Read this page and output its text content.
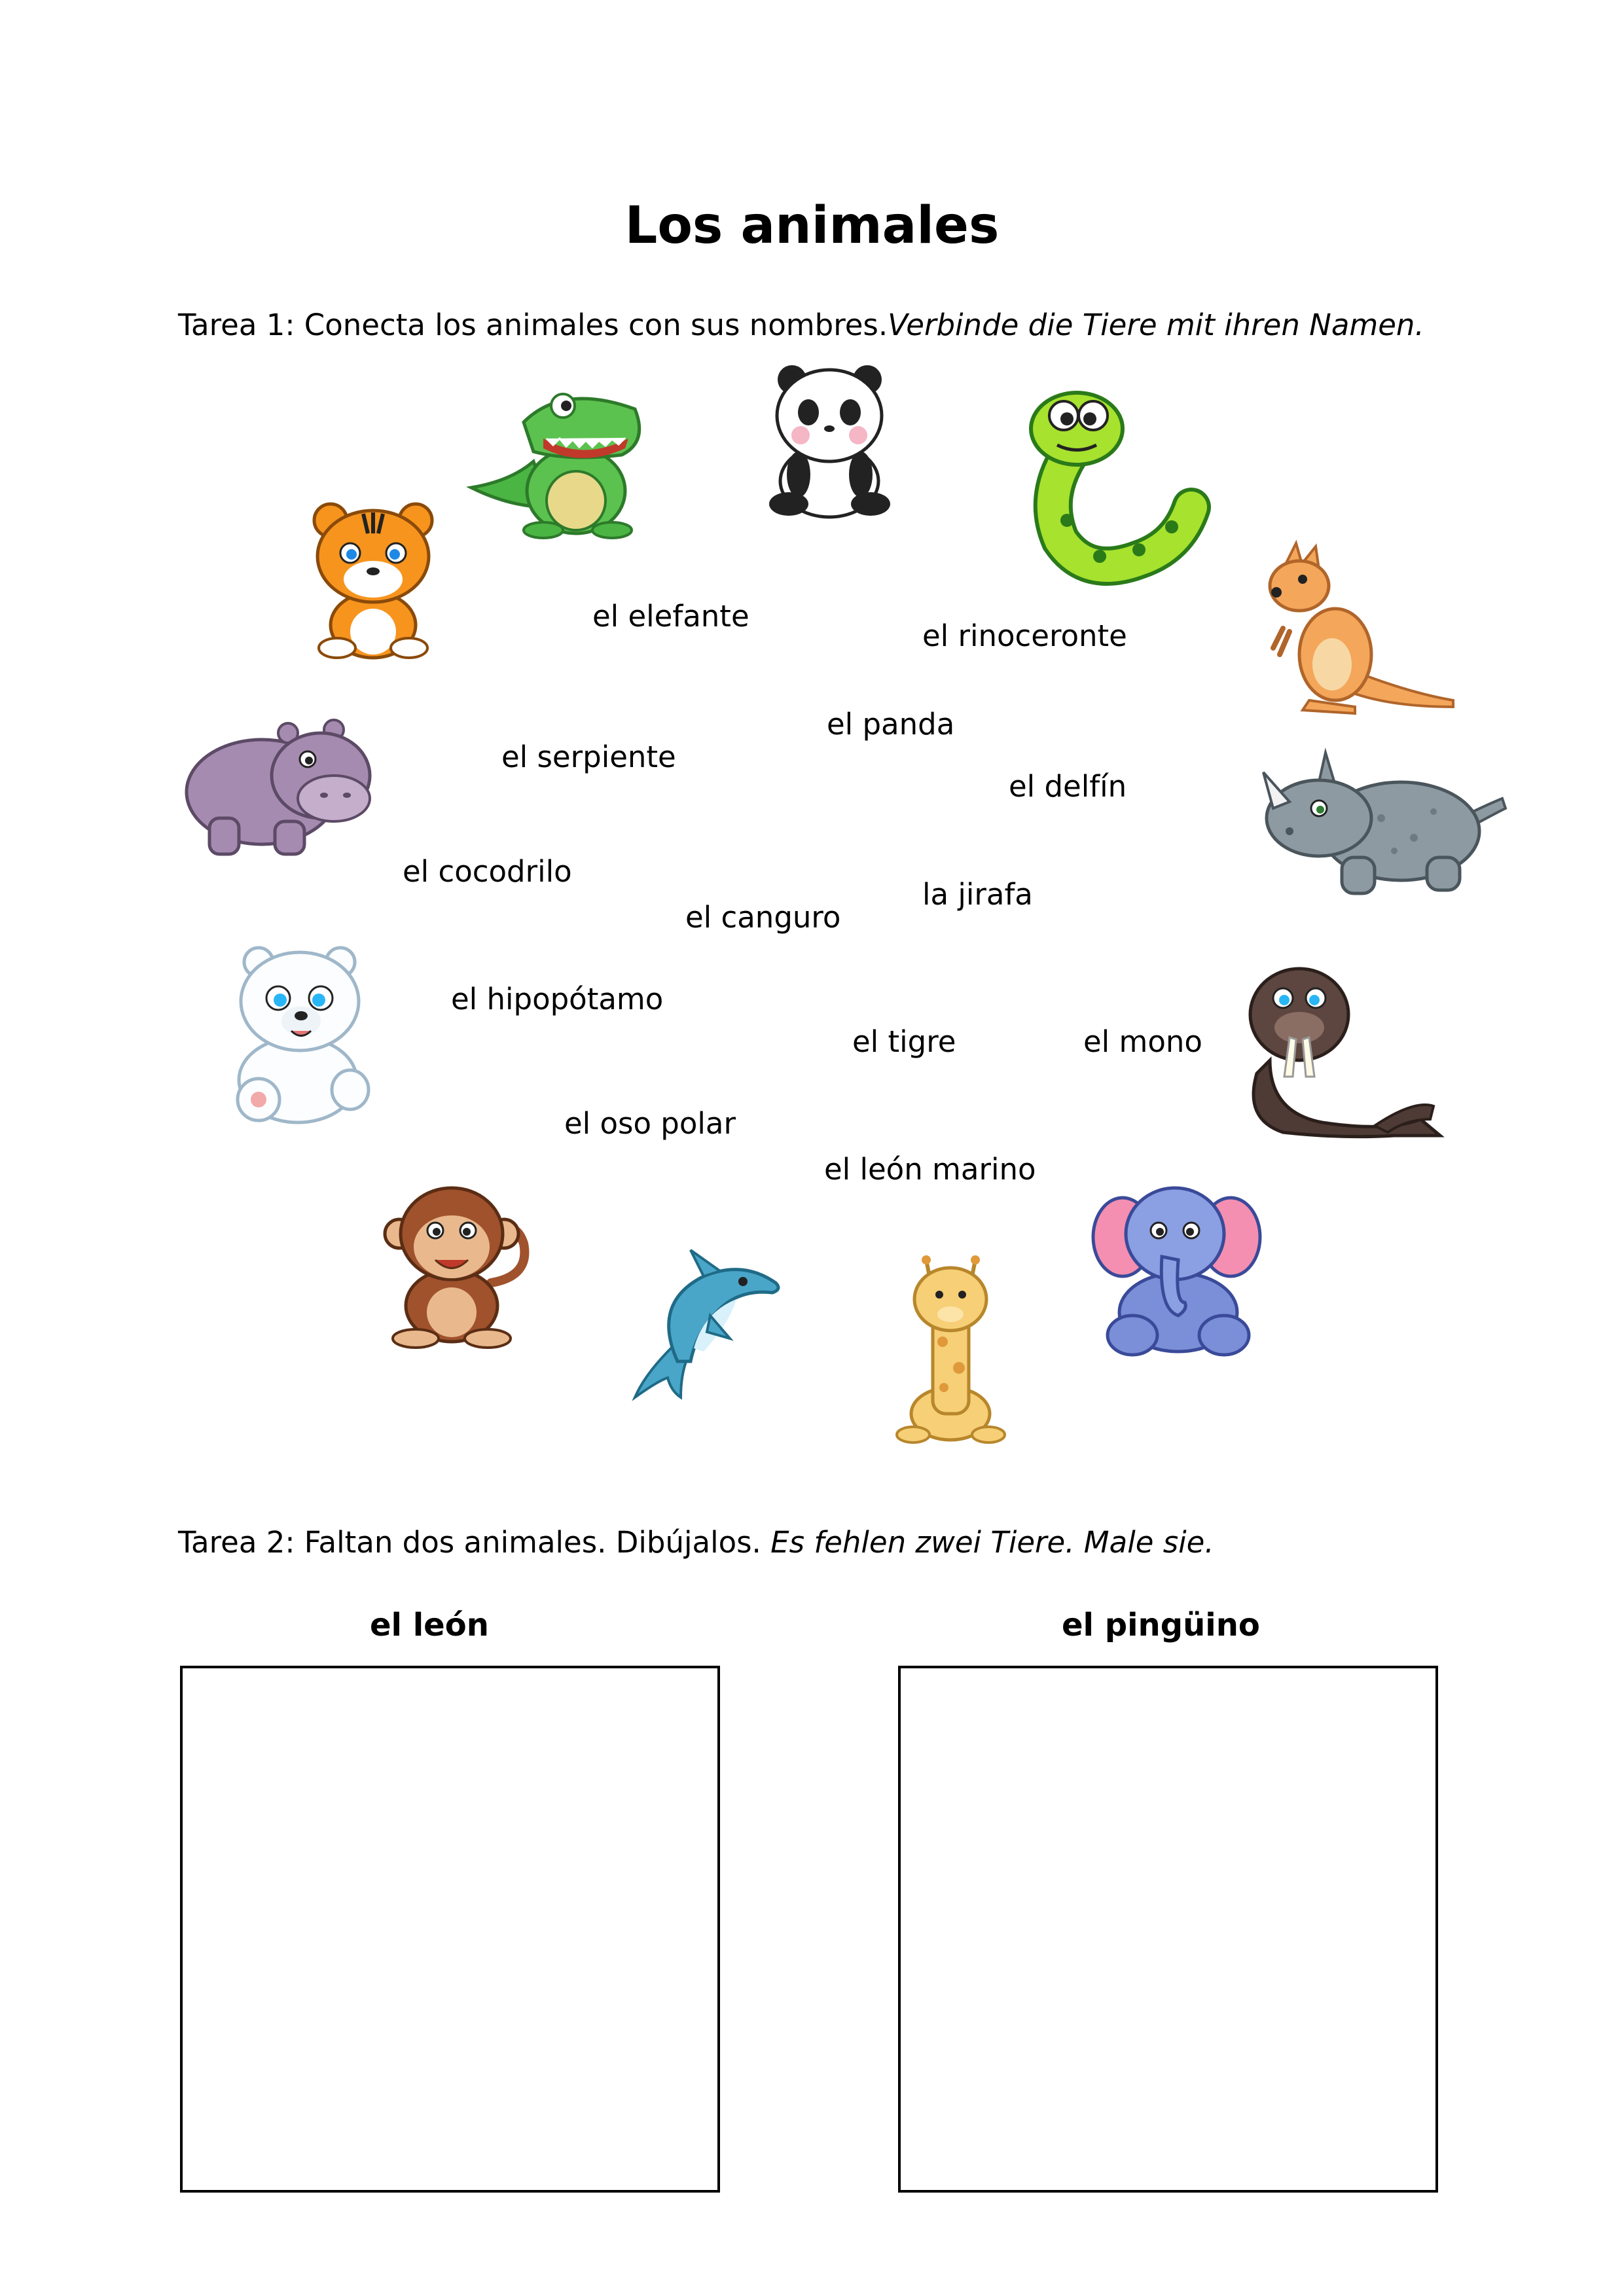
Los animales
Tarea 1: Conecta los animales con sus nombres.Verbinde die Tiere mit ihren Namen.
el elefante
el rinoceronte
el panda
el serpiente
el delfín
el cocodrilo
la jirafa
el canguro
el hipopótamo
el tigre	el mono
el oso polar
el león marino
Tarea 2: Faltan dos animales. Dibújalos. Es fehlen zwei Tiere. Male sie.
el león	el pingüino
